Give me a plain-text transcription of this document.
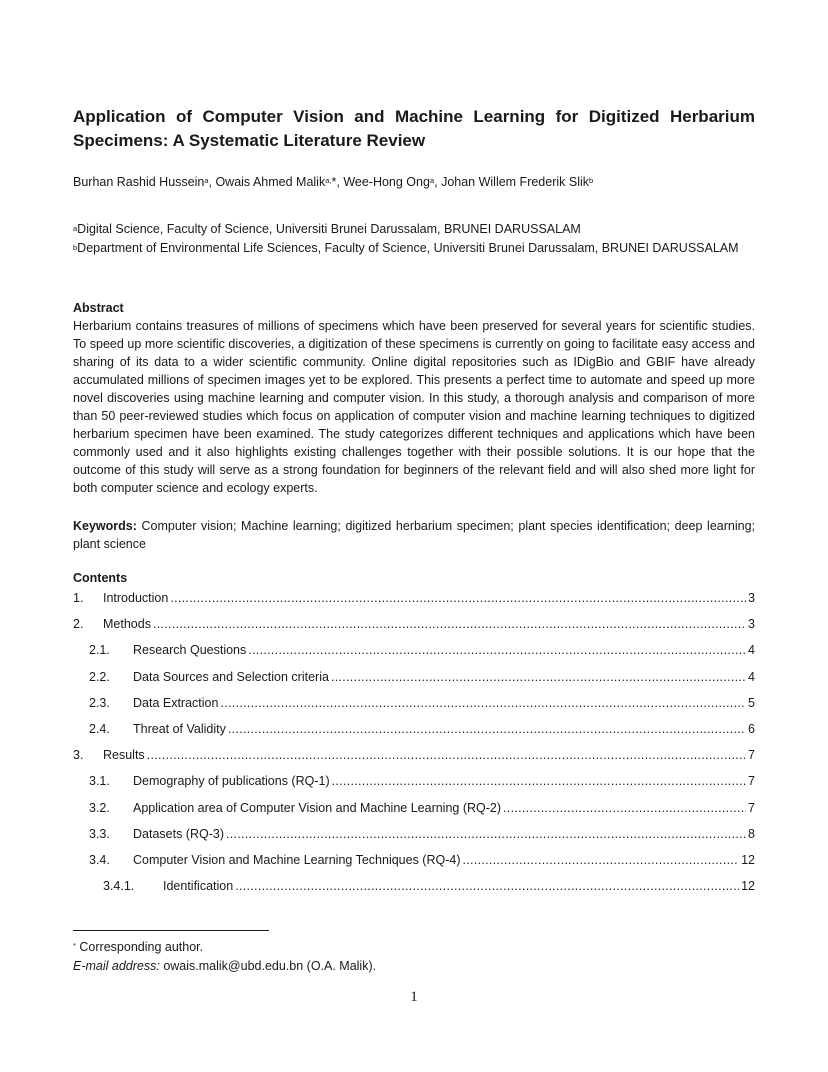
Application of Computer Vision and Machine Learning for Digitized Herbarium Specimens: A Systematic Literature Review
Burhan Rashid Hussein$^a$, Owais Ahmed Malik$^{a,}$*, Wee-Hong Ong$^a$, Johan Willem Frederik Slik$^b$

$^a$Digital Science, Faculty of Science, Universiti Brunei Darussalam, BRUNEI DARUSSALAM

$^b$Department of Environmental Life Sciences, Faculty of Science, Universiti Brunei Darussalam, BRUNEI DARUSSALAM

Abstract

Herbarium contains treasures of millions of specimens which have been preserved for several years for scientific studies. To speed up more scientific discoveries, a digitization of these specimens is currently on going to facilitate easy access and sharing of its data to a wider scientific community. Online digital repositories such as IDigBio and GBIF have already accumulated millions of specimen images yet to be explored. This presents a perfect time to automate and speed up more novel discoveries using machine learning and computer vision. In this study, a thorough analysis and comparison of more than 50 peer-reviewed studies which focus on application of computer vision and machine learning techniques to digitized herbarium specimen have been examined. The study categorizes different techniques and applications which have been commonly used and it also highlights existing challenges together with their possible solutions. It is our hope that the outcome of this study will serve as a strong foundation for beginners of the relevant field and will also shed more light for both computer science and ecology experts.

Keywords: Computer vision; Machine learning; digitized herbarium specimen; plant species identification; deep learning; plant science

Contents
1.	Introduction .....	3
2.	Methods .....	3
2.1.	Research Questions .....	4
2.2.	Data Sources and Selection criteria .....	4
2.3.	Data Extraction .....	5
2.4.	Threat of Validity .....	6
3.	Results .....	7
3.1.	Demography of publications (RQ-1) .....	7
3.2.	Application area of Computer Vision and Machine Learning (RQ-2) .....	7
3.3.	Datasets (RQ-3) .....	8
3.4.	Computer Vision and Machine Learning Techniques (RQ-4) .....	12
3.4.1.	Identification .....	12

* Corresponding author.

E-mail address: owais.malik@ubd.edu.bn (O.A. Malik).

1
